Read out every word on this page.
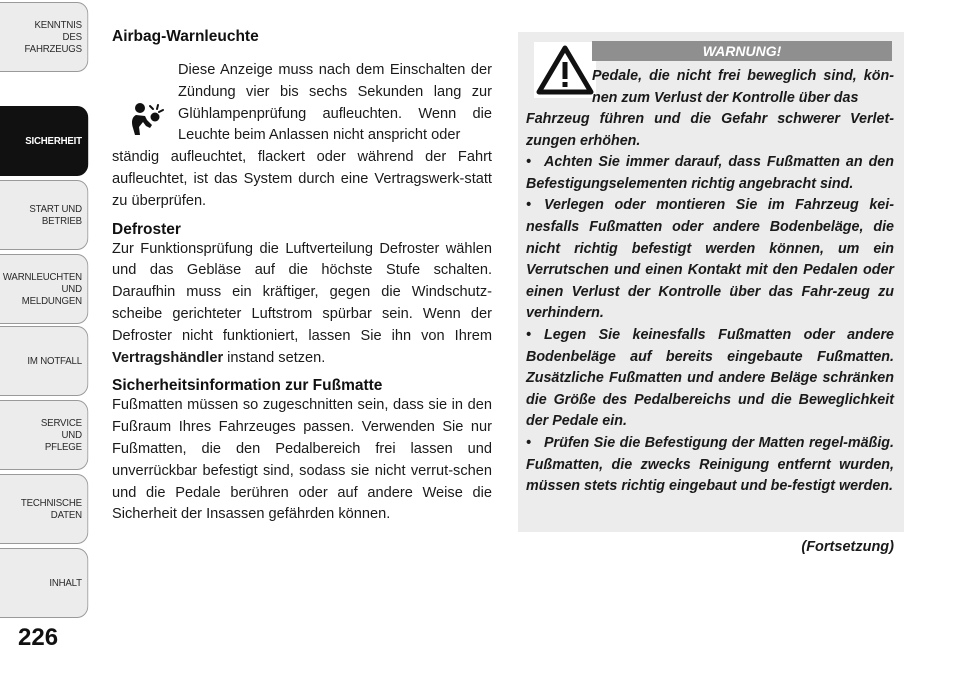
KENNTNIS
DES
FAHRZEUGS
SICHERHEIT
START UND
BETRIEB
WARNLEUCHTEN
UND
MELDUNGEN
IM NOTFALL
SERVICE
UND
PFLEGE
TECHNISCHE
DATEN
INHALT
226
Airbag-Warnleuchte

Diese Anzeige muss nach dem Einschalten der Zündung vier bis sechs Sekunden lang zur Glühlampenprüfung aufleuchten. Wenn die Leuchte beim Anlassen nicht anspricht oder

ständig aufleuchtet, flackert oder während der Fahrt aufleuchtet, ist das System durch eine Vertragswerk-statt zu überprüfen.

Defroster

Zur Funktionsprüfung die Luftverteilung Defroster wählen und das Gebläse auf die höchste Stufe schalten. Daraufhin muss ein kräftiger, gegen die Windschutz-scheibe gerichteter Luftstrom spürbar sein. Wenn der Defroster nicht funktioniert, lassen Sie ihn von Ihrem Vertragshändler instand setzen.

Sicherheitsinformation zur Fußmatte

Fußmatten müssen so zugeschnitten sein, dass sie in den Fußraum Ihres Fahrzeuges passen. Verwenden Sie nur Fußmatten, die den Pedalbereich frei lassen und unverrückbar befestigt sind, sodass sie nicht verrut-schen und die Pedale berühren oder auf andere Weise die Sicherheit der Insassen gefährden können.

WARNUNG!

Pedale, die nicht frei beweglich sind, kön-nen zum Verlust der Kontrolle über das

Fahrzeug führen und die Gefahr schwerer Verlet-zungen erhöhen.

• Achten Sie immer darauf, dass Fußmatten an den Befestigungselementen richtig angebracht sind.

• Verlegen oder montieren Sie im Fahrzeug kei-nesfalls Fußmatten oder andere Bodenbeläge, die nicht richtig befestigt werden können, um ein Verrutschen und einen Kontakt mit den Pedalen oder einen Verlust der Kontrolle über das Fahr-zeug zu verhindern.

• Legen Sie keinesfalls Fußmatten oder andere Bodenbeläge auf bereits eingebaute Fußmatten. Zusätzliche Fußmatten und andere Beläge schränken die Größe des Pedalbereichs und die Beweglichkeit der Pedale ein.

• Prüfen Sie die Befestigung der Matten regel-mäßig. Fußmatten, die zwecks Reinigung entfernt wurden, müssen stets richtig eingebaut und be-festigt werden.

(Fortsetzung)
